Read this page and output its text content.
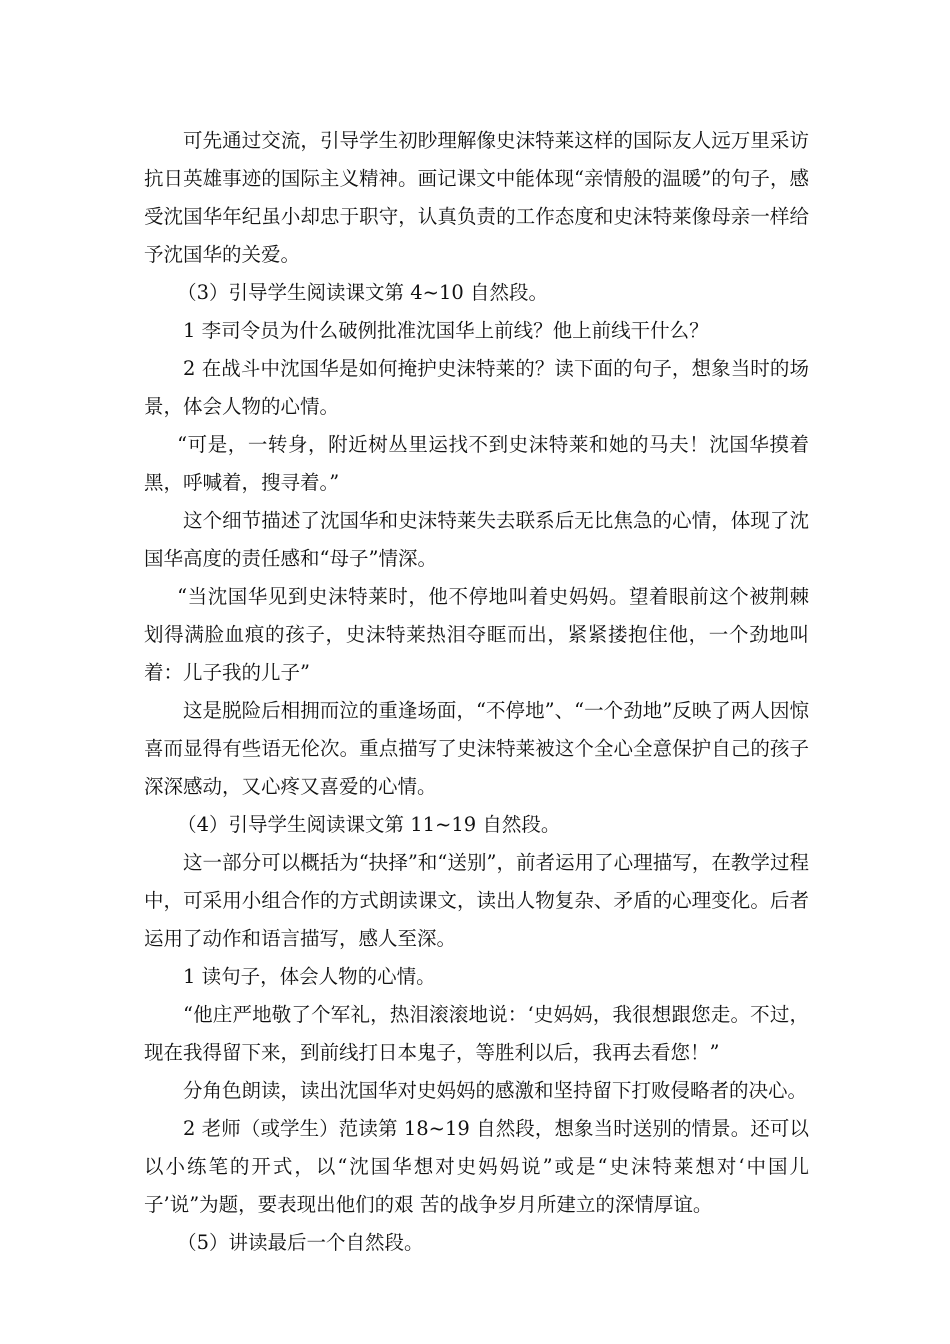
可先通过交流，引导学生初眇理解像史沫特莱这样的国际友人远万里采访抗日英雄事迹的国际主义精神。画记课文中能体现“亲情般的温暖”的句子，感受沈国华年纪虽小却忠于职守，认真负责的工作态度和史沫特莱像母亲一样给予沈国华的关爱。

（3）引导学生阅读课文第 4~10 自然段。

1 李司令员为什么破例批准沈国华上前线？他上前线干什么？

2 在战斗中沈国华是如何掩护史沫特莱的？读下面的句子，想象当时的场景，体会人物的心情。

“可是，一转身，附近树丛里运找不到史沫特莱和她的马夫！沈国华摸着黑，呼喊着，搜寻着。”

这个细节描述了沈国华和史沫特莱失去联系后无比焦急的心情，体现了沈国华高度的责任感和“母子”情深。

“当沈国华见到史沫特莱时，他不停地叫着史妈妈。望着眼前这个被荆棘划得满脸血痕的孩子，史沫特莱热泪夺眶而出，紧紧搂抱住他，一个劲地叫着：儿子我的儿子”

这是脱险后相拥而泣的重逢场面，“不停地”、“一个劲地”反映了两人因惊喜而显得有些语无伦次。重点描写了史沫特莱被这个全心全意保护自己的孩子深深感动，又心疼又喜爱的心情。

（4）引导学生阅读课文第 11~19 自然段。

这一部分可以概括为“抉择”和“送别”，前者运用了心理描写，在教学过程中，可采用小组合作的方式朗读课文，读出人物复杂、矛盾的心理变化。后者运用了动作和语言描写，感人至深。

1 读句子，体会人物的心情。

“他庄严地敬了个军礼，热泪滚滚地说：‘史妈妈，我很想跟您走。不过，现在我得留下来，到前线打日本鬼子，等胜利以后，我再去看您！”

分角色朗读，读出沈国华对史妈妈的感激和坚持留下打败侵略者的决心。

2 老师（或学生）范读第 18~19 自然段，想象当时送别的情景。还可以以小练笔的开式，以“沈国华想对史妈妈说”或是“史沫特莱想对‘中国儿子’说”为题，要表现出他们的艰 苦的战争岁月所建立的深情厚谊。

（5）讲读最后一个自然段。
